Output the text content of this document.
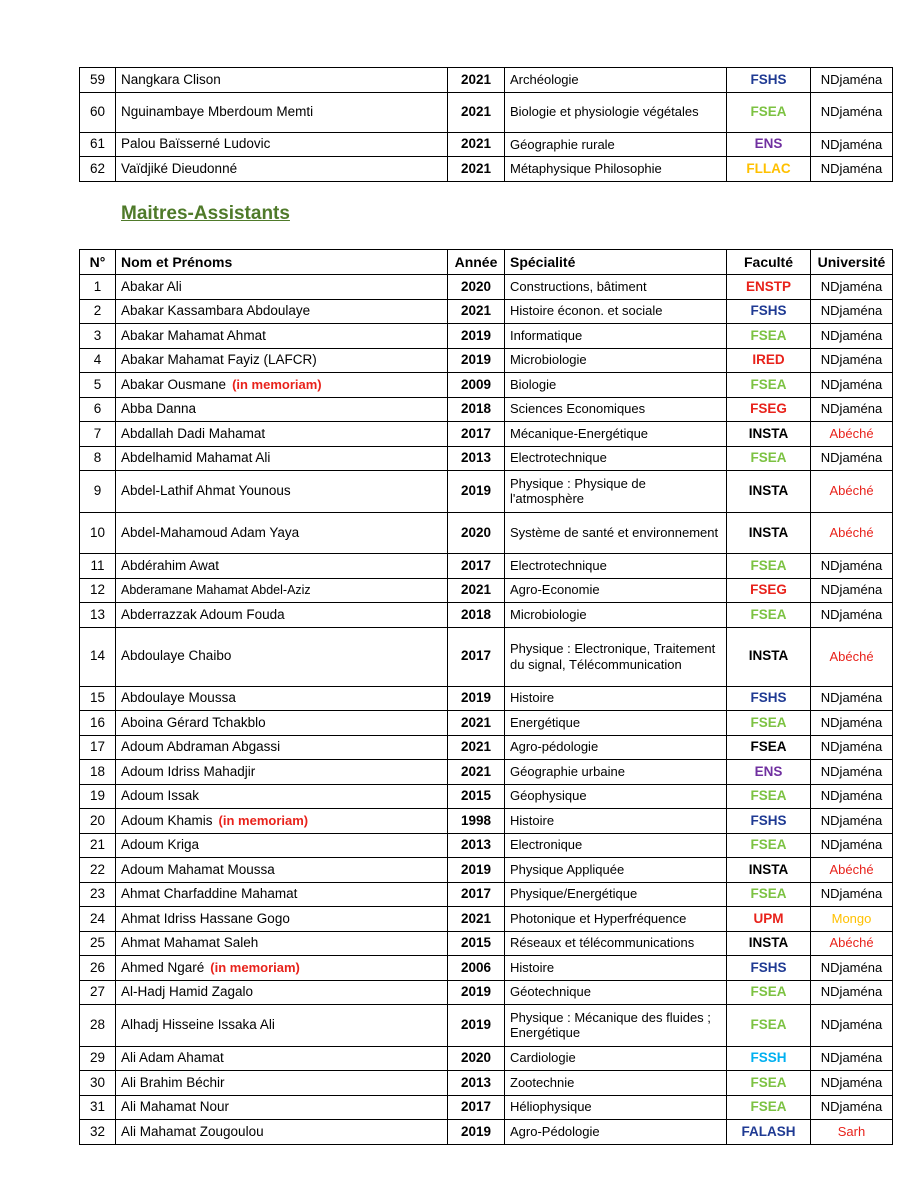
59	Nangkara Clison	2021	Archéologie	FSHS	NDjaména
60	Nguinambaye Mberdoum Memti	2021	Biologie et physiologie végétales	FSEA	NDjaména
61	Palou Baïsserné Ludovic	2021	Géographie rurale	ENS	NDjaména
62	Vaïdjiké Dieudonné	2021	Métaphysique Philosophie	FLLAC	NDjaména
Maitres-Assistants
N°	Nom et Prénoms	Année	Spécialité	Faculté	Université
1	Abakar Ali	2020	Constructions, bâtiment	ENSTP	NDjaména
2	Abakar Kassambara Abdoulaye	2021	Histoire éconon. et sociale	FSHS	NDjaména
3	Abakar Mahamat Ahmat	2019	Informatique	FSEA	NDjaména
4	Abakar Mahamat Fayiz (LAFCR)	2019	Microbiologie	IRED	NDjaména
5	Abakar Ousmane (in memoriam)	2009	Biologie	FSEA	NDjaména
6	Abba Danna	2018	Sciences Economiques	FSEG	NDjaména
7	Abdallah Dadi Mahamat	2017	Mécanique-Energétique	INSTA	Abéché
8	Abdelhamid Mahamat Ali	2013	Electrotechnique	FSEA	NDjaména
9	Abdel-Lathif Ahmat Younous	2019	Physique : Physique de l'atmosphère	INSTA	Abéché
10	Abdel-Mahamoud Adam Yaya	2020	Système de santé et environnement	INSTA	Abéché
11	Abdérahim Awat	2017	Electrotechnique	FSEA	NDjaména
12	Abderamane Mahamat Abdel-Aziz	2021	Agro-Economie	FSEG	NDjaména
13	Abderrazzak Adoum Fouda	2018	Microbiologie	FSEA	NDjaména
14	Abdoulaye Chaibo	2017	Physique : Electronique, Traitement du signal, Télécommunication	INSTA	Abéché
15	Abdoulaye Moussa	2019	Histoire	FSHS	NDjaména
16	Aboina Gérard Tchakblo	2021	Energétique	FSEA	NDjaména
17	Adoum Abdraman Abgassi	2021	Agro-pédologie	FSEA	NDjaména
18	Adoum Idriss Mahadjir	2021	Géographie urbaine	ENS	NDjaména
19	Adoum Issak	2015	Géophysique	FSEA	NDjaména
20	Adoum Khamis (in memoriam)	1998	Histoire	FSHS	NDjaména
21	Adoum Kriga	2013	Electronique	FSEA	NDjaména
22	Adoum Mahamat Moussa	2019	Physique Appliquée	INSTA	Abéché
23	Ahmat Charfaddine Mahamat	2017	Physique/Energétique	FSEA	NDjaména
24	Ahmat Idriss Hassane Gogo	2021	Photonique et Hyperfréquence	UPM	Mongo
25	Ahmat Mahamat Saleh	2015	Réseaux et télécommunications	INSTA	Abéché
26	Ahmed Ngaré (in memoriam)	2006	Histoire	FSHS	NDjaména
27	Al-Hadj Hamid Zagalo	2019	Géotechnique	FSEA	NDjaména
28	Alhadj Hisseine Issaka Ali	2019	Physique : Mécanique des fluides ; Energétique	FSEA	NDjaména
29	Ali Adam Ahamat	2020	Cardiologie	FSSH	NDjaména
30	Ali Brahim Béchir	2013	Zootechnie	FSEA	NDjaména
31	Ali Mahamat Nour	2017	Héliophysique	FSEA	NDjaména
32	Ali Mahamat Zougoulou	2019	Agro-Pédologie	FALASH	Sarh
